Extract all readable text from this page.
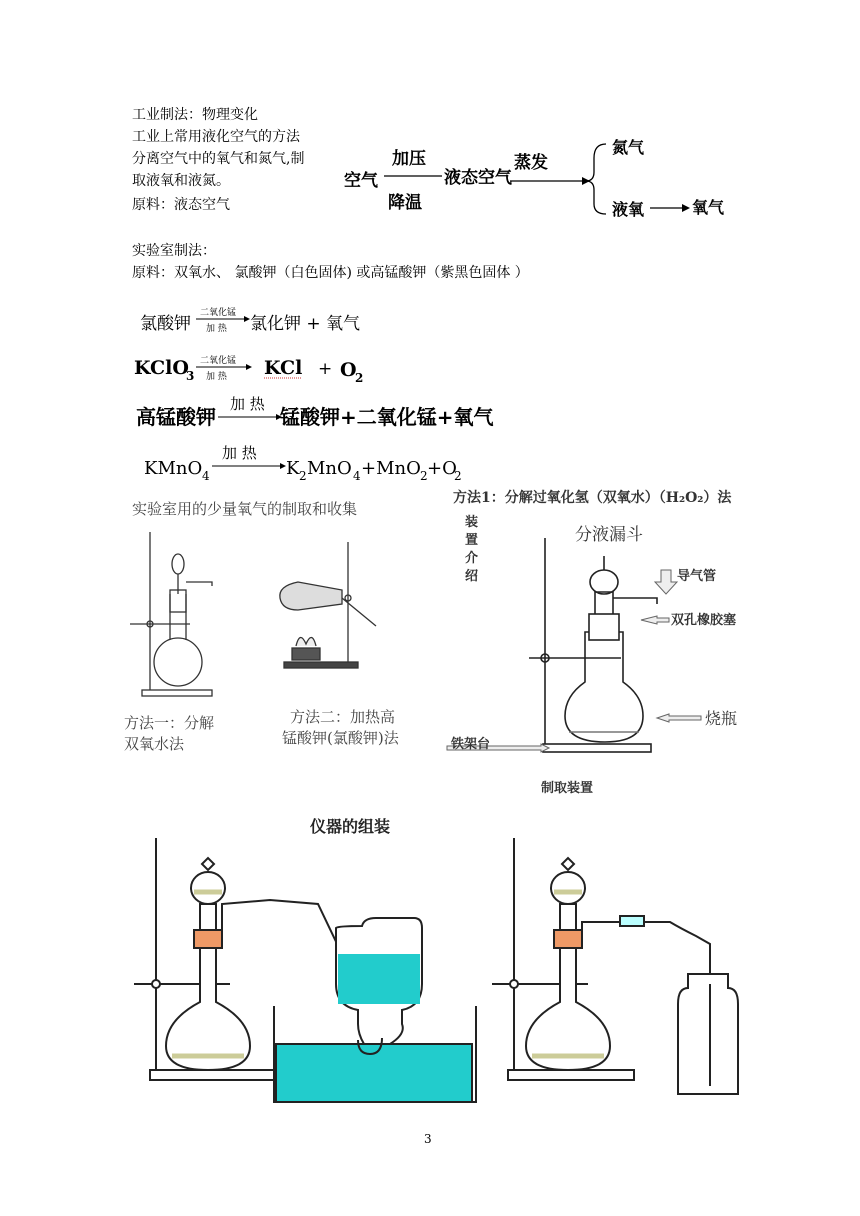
工业制法：物理变化
工业上常用液化空气的方法
分离空气中的氧气和氮气,制
取液氧和液氮。
原料：液态空气
空气
加压
降温
液态空气
蒸发
氮气
液氧	氧气
实验室制法：
原料：双氧水、 氯酸钾（白色固体) 或高锰酸钾（紫黑色固体 ）
氯酸钾
二氧化锰
加 热 氯化钾 + 氧气
KClO
3
二氧化锰
加 热 KCl + O
2
高锰酸钾
加 热
锰酸钾+二氧化锰+氧气
KMnO 4
加 热
K 2 MnO 4 +MnO 2 +O
2
实验室用的少量氧气的制取和收集
方法一：分解
双氧水法
方法二：加热高
锰酸钾(氯酸钾)法
方法1：分解过氧化氢（双氧水）（H₂O₂）法
装
置
介
绍
分液漏斗
导气管
双孔橡胶塞
烧瓶
铁架台
制取装置
仪器的组装
3
